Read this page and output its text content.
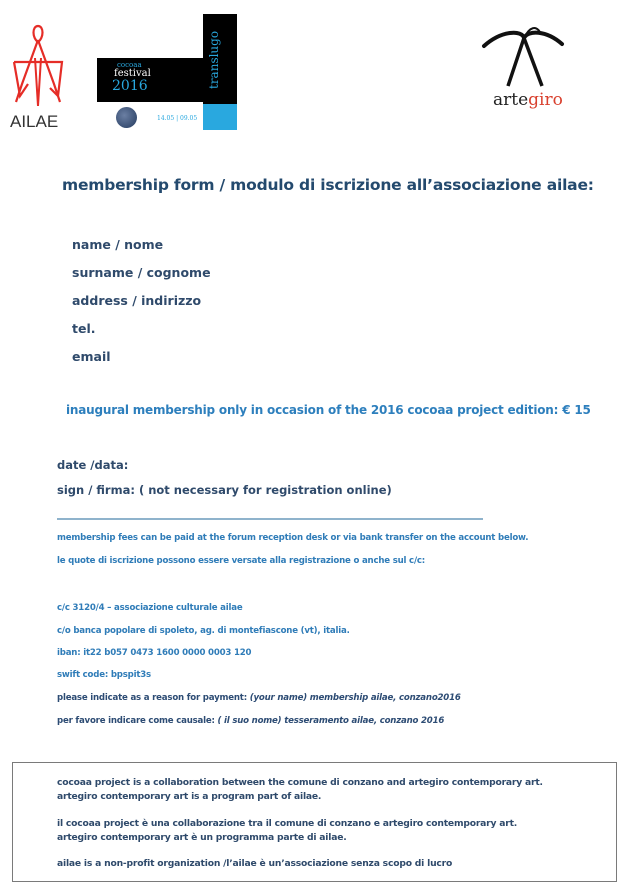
AILAE
cocoaa
festival
2016	translugo
14.05 | 09.05
artegiro
membership form / modulo di iscrizione all’associazione ailae:
name / nome
surname / cognome
address / indirizzo
tel.
email
inaugural membership only in occasion of the 2016 cocoaa project edition: € 15
date /data:
sign / firma: ( not necessary for registration online)
membership fees can be paid at the forum reception desk or via bank transfer on the account below.
le quote di iscrizione possono essere versate alla registrazione o anche sul c/c:
c/c 3120/4 – associazione culturale ailae
c/o banca popolare di spoleto, ag. di montefiascone (vt), italia.
iban: it22 b057 0473 1600 0000 0003 120
swift code: bpspit3s
please indicate as a reason for payment: (your name) membership ailae, conzano2016
per favore indicare come causale: ( il suo nome) tesseramento ailae, conzano 2016
cocoaa project is a collaboration between the comune di conzano and artegiro contemporary art.
artegiro contemporary art is a program part of ailae.
il cocoaa project è una collaborazione tra il comune di conzano e artegiro contemporary art.
artegiro contemporary art è un programma parte di ailae.
ailae is a non-profit organization /l’ailae è un’associazione senza scopo di lucro
